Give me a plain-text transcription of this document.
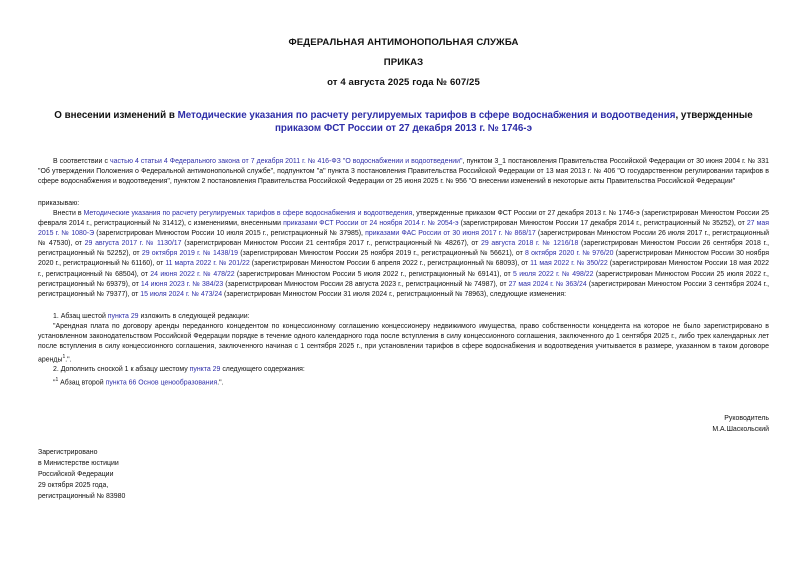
ФЕДЕРАЛЬНАЯ АНТИМОНОПОЛЬНАЯ СЛУЖБА
ПРИКАЗ
от 4 августа 2025 года № 607/25
О внесении изменений в Методические указания по расчету регулируемых тарифов в сфере водоснабжения и водоотведения, утвержденные приказом ФСТ России от 27 декабря 2013 г. № 1746-э
В соответствии с частью 4 статьи 4 Федерального закона от 7 декабря 2011 г. № 416-ФЗ "О водоснабжении и водоотведении", пунктом 3_1 постановления Правительства Российской Федерации от 30 июня 2004 г. № 331 "Об утверждении Положения о Федеральной антимонопольной службе", подпунктом "а" пункта 3 постановления Правительства Российской Федерации от 13 мая 2013 г. № 406 "О государственном регулировании тарифов в сфере водоснабжения и водоотведения", пунктом 2 постановления Правительства Российской Федерации от 25 июня 2025 г. № 956 "О внесении изменений в некоторые акты Правительства Российской Федерации"
приказываю:
Внести в Методические указания по расчету регулируемых тарифов в сфере водоснабжения и водоотведения, утвержденные приказом ФСТ России от 27 декабря 2013 г. № 1746-э (зарегистрирован Минюстом России 25 февраля 2014 г., регистрационный № 31412), с изменениями, внесенными приказами ФСТ России от 24 ноября 2014 г. № 2054-э (зарегистрирован Минюстом России 17 декабря 2014 г., регистрационный № 35252), от 27 мая 2015 г. № 1080-Э (зарегистрирован Минюстом России 10 июля 2015 г., регистрационный № 37985), приказами ФАС России от 30 июня 2017 г. № 868/17 (зарегистрирован Минюстом России 26 июля 2017 г., регистрационный № 47530), от 29 августа 2017 г. № 1130/17 (зарегистрирован Минюстом России 21 сентября 2017 г., регистрационный № 48267), от 29 августа 2018 г. № 1216/18 (зарегистрирован Минюстом России 26 сентября 2018 г., регистрационный № 52252), от 29 октября 2019 г. № 1438/19 (зарегистрирован Минюстом России 25 ноября 2019 г., регистрационный № 56621), от 8 октября 2020 г. № 976/20 (зарегистрирован Минюстом России 30 ноября 2020 г., регистрационный № 61160), от 11 марта 2022 г. № 201/22 (зарегистрирован Минюстом России 6 апреля 2022 г., регистрационный № 68093), от 11 мая 2022 г. № 350/22 (зарегистрирован Минюстом России 18 мая 2022 г., регистрационный № 68504), от 24 июня 2022 г. № 478/22 (зарегистрирован Минюстом России 5 июля 2022 г., регистрационный № 69141), от 5 июля 2022 г. № 498/22 (зарегистрирован Минюстом России 25 июля 2022 г., регистрационный № 69379), от 14 июня 2023 г. № 384/23 (зарегистрирован Минюстом России 28 августа 2023 г., регистрационный № 74987), от 27 мая 2024 г. № 363/24 (зарегистрирован Минюстом России 3 сентября 2024 г., регистрационный № 79377), от 15 июля 2024 г. № 473/24 (зарегистрирован Минюстом России 31 июля 2024 г., регистрационный № 78963), следующие изменения:
1. Абзац шестой пункта 29 изложить в следующей редакции:
"Арендная плата по договору аренды переданного концедентом по концессионному соглашению концессионеру недвижимого имущества, право собственности концедента на которое не было зарегистрировано в установленном законодательством Российской Федерации порядке в течение одного календарного года после вступления в силу концессионного соглашения, заключенного до 1 сентября 2025 г., либо трех календарных лет после вступления в силу концессионного соглашения, заключенного начиная с 1 сентября 2025 г., при установлении тарифов в сфере водоснабжения и водоотведения учитывается в размере, указанном в таком договоре аренды$^1$.".
2. Дополнить сноской 1 к абзацу шестому пункта 29 следующего содержания:
"$^1$ Абзац второй пункта 66 Основ ценообразования.".
Руководитель
М.А.Шаскольский
Зарегистрировано
в Министерстве юстиции
Российской Федерации
29 октября 2025 года,
регистрационный № 83980
